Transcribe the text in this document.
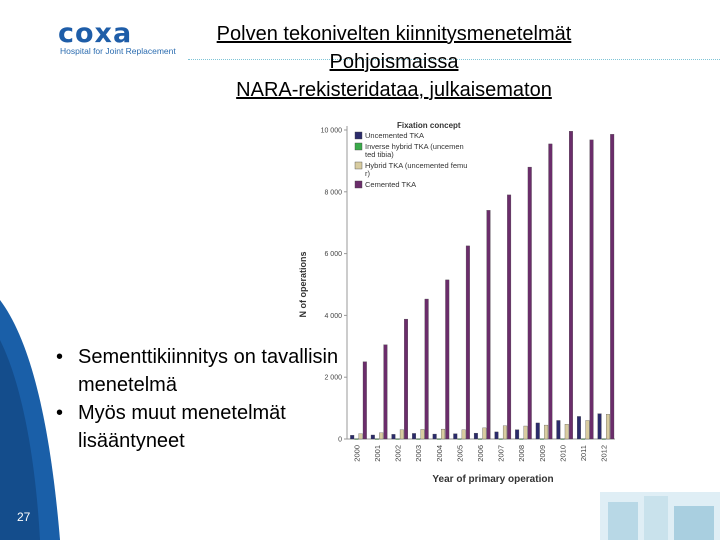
coxa
Hospital for Joint Replacement
Polven tekonivelten kiinnitysmenetelmät
Pohjoismaissa
NARA-rekisteridataa, julkaisematon
0
2 000
4 000
6 000
8 000
10 000
N of operations
2000 2001 2002 2003 2004 2005 2006 2007 2008 2009 2010 2011 2012
Year of primary operation
Fixation concept
Uncemented TKA
Inverse hybrid TKA (uncemen
ted tibia)
Hybrid TKA (uncemented femu
r)
Cemented TKA
• Sementtikiinnitys on tavallisin menetelmä
• Myös muut menetelmät lisääntyneet
27
